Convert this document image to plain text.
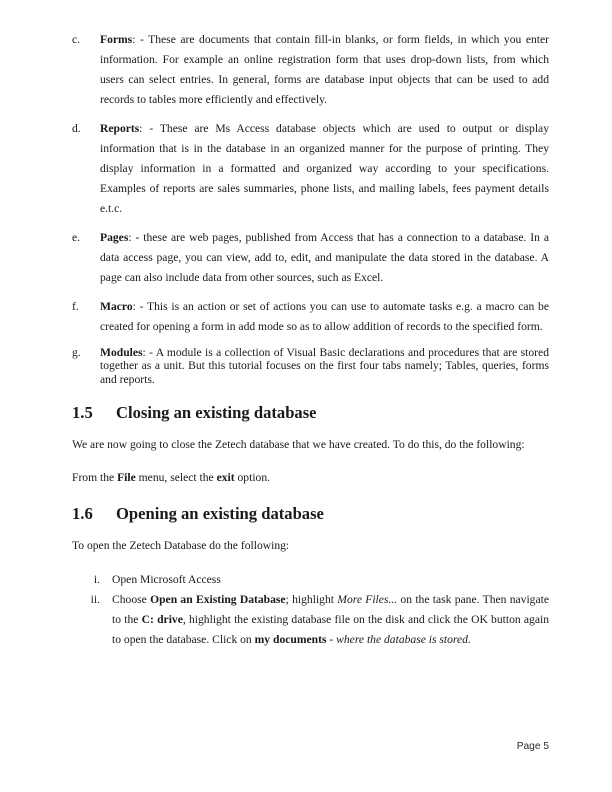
c.	Forms: - These are documents that contain fill-in blanks, or form fields, in which you enter information. For example an online registration form that uses drop-down lists, from which users can select entries. In general, forms are database input objects that can be used to add records to tables more efficiently and effectively.
d.	Reports: - These are Ms Access database objects which are used to output or display information that is in the database in an organized manner for the purpose of printing. They display information in a formatted and organized way according to your specifications. Examples of reports are sales summaries, phone lists, and mailing labels, fees payment details e.t.c.
e.	Pages: - these are web pages, published from Access that has a connection to a database. In a data access page, you can view, add to, edit, and manipulate the data stored in the database. A page can also include data from other sources, such as Excel.
f.	Macro: - This is an action or set of actions you can use to automate tasks e.g. a macro can be created for opening a form in add mode so as to allow addition of records to the specified form.
g.	Modules: - A module is a collection of Visual Basic declarations and procedures that are stored together as a unit. But this tutorial focuses on the first four tabs namely; Tables, queries, forms and reports.
1.5 Closing an existing database

We are now going to close the Zetech database that we have created. To do this, do the following:

From the File menu, select the exit option.

1.6 Opening an existing database

To open the Zetech Database do the following:

i. Open Microsoft Access
ii. Choose Open an Existing Database; highlight More Files... on the task pane. Then navigate to the C: drive, highlight the existing database file on the disk and click the OK button again to open the database. Click on my documents - where the database is stored.
Page 5
